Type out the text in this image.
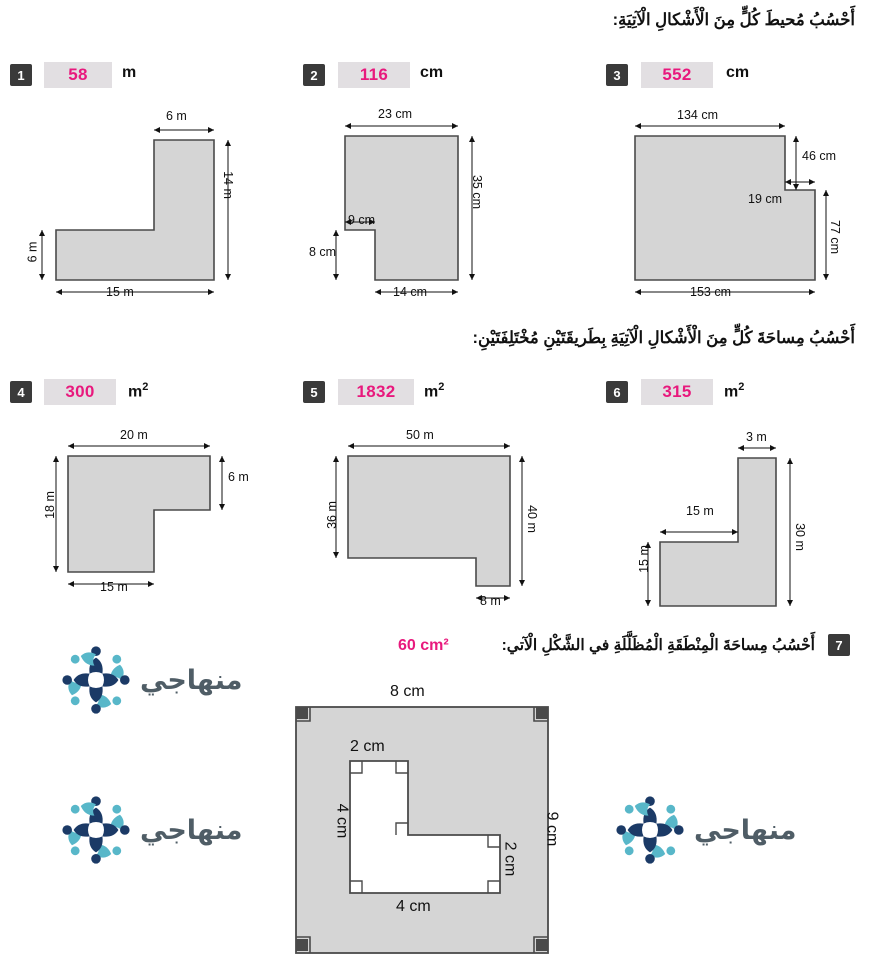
أَحْسُبُ مُحيطَ كُلٍّ مِنَ الْأَشْكالِ الْآتِيَةِ:
1	58	m
6 m
14 m
6 m
15 m
2	116	cm
23 cm
35 cm
9 cm
8 cm
14 cm
3	552	cm
134 cm
46 cm
19 cm
77 cm
153 cm
أَحْسُبُ مِساحَةَ كُلٍّ مِنَ الْأَشْكالِ الْآتِيَةِ بِطَريقَتَيْنِ مُخْتَلِفَتَيْنِ:
4	300	$m^2$
20 m
6 m
18 m
15 m
5	1832	$m^2$
50 m
40 m
36 m
8 m
6	315	$m^2$
3 m
30 m
15 m
15 m
7
أَحْسُبُ مِساحَةَ الْمِنْطَقَةِ الْمُظَلَّلَةِ في الشَّكْلِ الْآتي:
60 cm²
8 cm
9 cm
2 cm
4 cm
2 cm
4 cm
منهاجي
منهاجي	منهاجي
